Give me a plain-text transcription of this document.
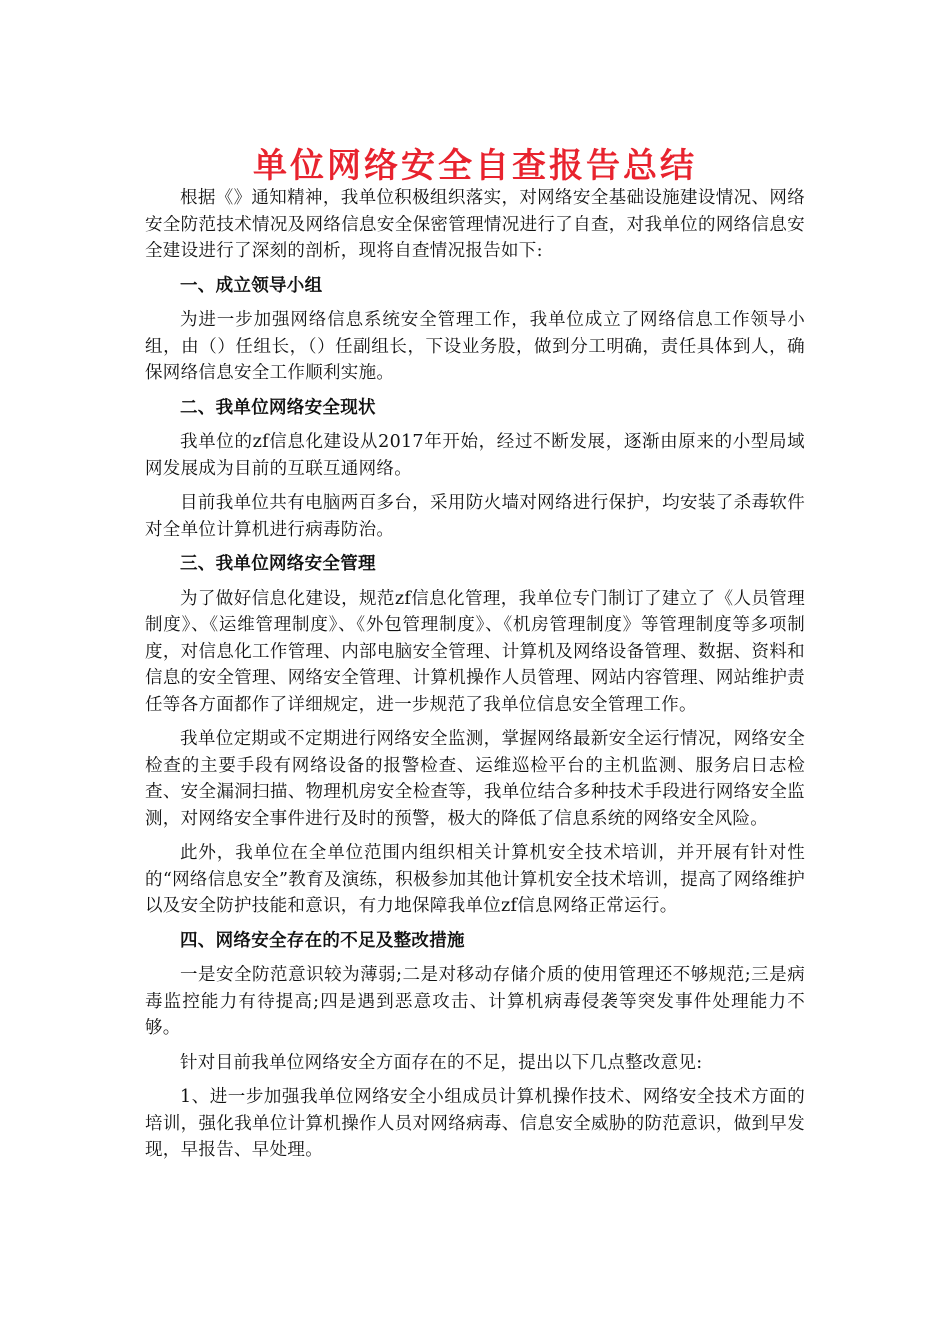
单位网络安全自查报告总结

根据《》通知精神，我单位积极组织落实，对网络安全基础设施建设情况、网络安全防范技术情况及网络信息安全保密管理情况进行了自查，对我单位的网络信息安全建设进行了深刻的剖析，现将自查情况报告如下:

一、成立领导小组

为进一步加强网络信息系统安全管理工作，我单位成立了网络信息工作领导小组，由（）任组长，（）任副组长，下设业务股，做到分工明确，责任具体到人，确保网络信息安全工作顺利实施。

二、我单位网络安全现状

我单位的zf信息化建设从2017年开始，经过不断发展，逐渐由原来的小型局域网发展成为目前的互联互通网络。

目前我单位共有电脑两百多台，采用防火墙对网络进行保护，均安装了杀毒软件对全单位计算机进行病毒防治。

三、我单位网络安全管理

为了做好信息化建设，规范zf信息化管理，我单位专门制订了建立了《人员管理制度》、《运维管理制度》、《外包管理制度》、《机房管理制度》等管理制度等多项制度，对信息化工作管理、内部电脑安全管理、计算机及网络设备管理、数据、资料和信息的安全管理、网络安全管理、计算机操作人员管理、网站内容管理、网站维护责任等各方面都作了详细规定，进一步规范了我单位信息安全管理工作。

我单位定期或不定期进行网络安全监测，掌握网络最新安全运行情况，网络安全检查的主要手段有网络设备的报警检查、运维巡检平台的主机监测、服务启日志检查、安全漏洞扫描、物理机房安全检查等，我单位结合多种技术手段进行网络安全监测，对网络安全事件进行及时的预警，极大的降低了信息系统的网络安全风险。

此外，我单位在全单位范围内组织相关计算机安全技术培训，并开展有针对性的“网络信息安全”教育及演练，积极参加其他计算机安全技术培训，提高了网络维护以及安全防护技能和意识，有力地保障我单位zf信息网络正常运行。

四、网络安全存在的不足及整改措施

一是安全防范意识较为薄弱;二是对移动存储介质的使用管理还不够规范;三是病毒监控能力有待提高;四是遇到恶意攻击、计算机病毒侵袭等突发事件处理能力不够。

针对目前我单位网络安全方面存在的不足，提出以下几点整改意见:

1、进一步加强我单位网络安全小组成员计算机操作技术、网络安全技术方面的培训，强化我单位计算机操作人员对网络病毒、信息安全威胁的防范意识，做到早发现，早报告、早处理。
